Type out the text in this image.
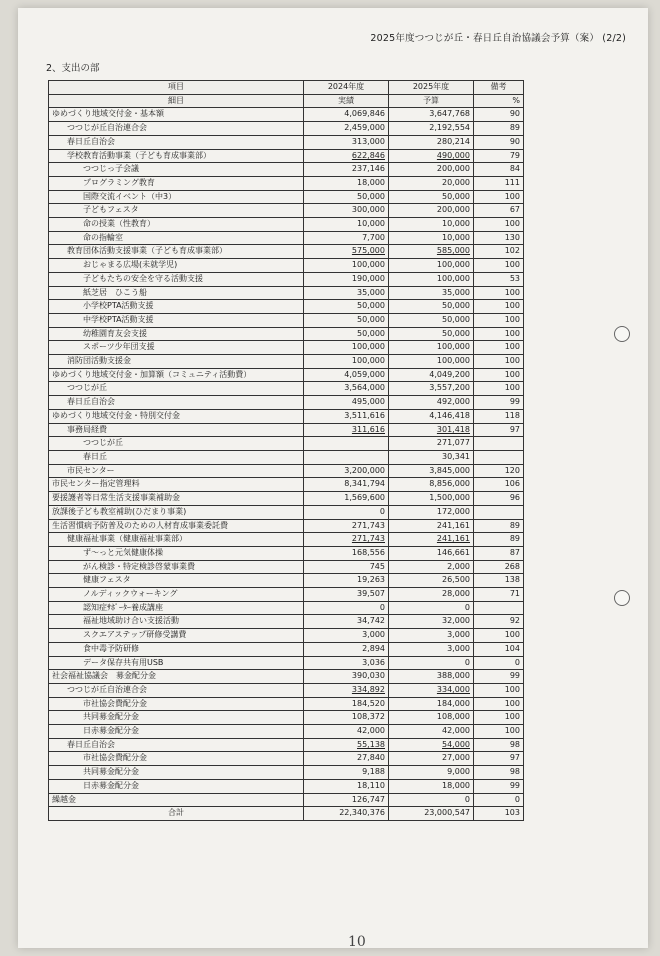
2025年度つつじが丘・春日丘自治協議会予算（案） (2/2)
2、支出の部
項目	2024年度	2025年度	備考
細目	実績	予算	%
ゆめづくり地域交付金・基本額	4,069,846	3,647,768	90
つつじが丘自治連合会	2,459,000	2,192,554	89
春日丘自治会	313,000	280,214	90
学校教育活動事業（子ども育成事業部）	622,846	490,000	79
つつじっ子会議	237,146	200,000	84
プログラミング教育	18,000	20,000	111
国際交流イベント（中3）	50,000	50,000	100
子どもフェスタ	300,000	200,000	67
命の授業（性教育）	10,000	10,000	100
命の指輪室	7,700	10,000	130
教育団体活動支援事業（子ども育成事業部）	575,000	585,000	102
おじゃまる広場(未就学児)	100,000	100,000	100
子どもたちの安全を守る活動支援	190,000	100,000	53
紙芝居　ひこう船	35,000	35,000	100
小学校PTA活動支援	50,000	50,000	100
中学校PTA活動支援	50,000	50,000	100
幼稚園育友会支援	50,000	50,000	100
スポーツ少年団支援	100,000	100,000	100
消防団活動支援金	100,000	100,000	100
ゆめづくり地域交付金・加算額（コミュニティ活動費）	4,059,000	4,049,200	100
つつじが丘	3,564,000	3,557,200	100
春日丘自治会	495,000	492,000	99
ゆめづくり地域交付金・特別交付金	3,511,616	4,146,418	118
事務局経費	311,616	301,418	97
つつじが丘		271,077	
春日丘		30,341	
市民センター	3,200,000	3,845,000	120
市民センター指定管理料	8,341,794	8,856,000	106
要援護者等日常生活支援事業補助金	1,569,600	1,500,000	96
放課後子ども教室補助(ひだまり事業)	0	172,000	
生活習慣病予防普及のための人材育成事業委託費	271,743	241,161	89
健康福祉事業（健康福祉事業部）	271,743	241,161	89
ず〜っと元気健康体操	168,556	146,661	87
がん検診・特定検診啓蒙事業費	745	2,000	268
健康フェスタ	19,263	26,500	138
ノルディックウォーキング	39,507	28,000	71
認知症ｻﾎﾟｰﾀｰ養成講座	0	0	
福祉地域助け合い支援活動	34,742	32,000	92
スクエアステップ研修受講費	3,000	3,000	100
食中毒予防研修	2,894	3,000	104
データ保存共有用USB	3,036	0	0
社会福祉協議会　募金配分金	390,030	388,000	99
つつじが丘自治連合会	334,892	334,000	100
市社協会費配分金	184,520	184,000	100
共同募金配分金	108,372	108,000	100
日赤募金配分金	42,000	42,000	100
春日丘自治会	55,138	54,000	98
市社協会費配分金	27,840	27,000	97
共同募金配分金	9,188	9,000	98
日赤募金配分金	18,110	18,000	99
繰越金	126,747	0	0
合計	22,340,376	23,000,547	103
10
